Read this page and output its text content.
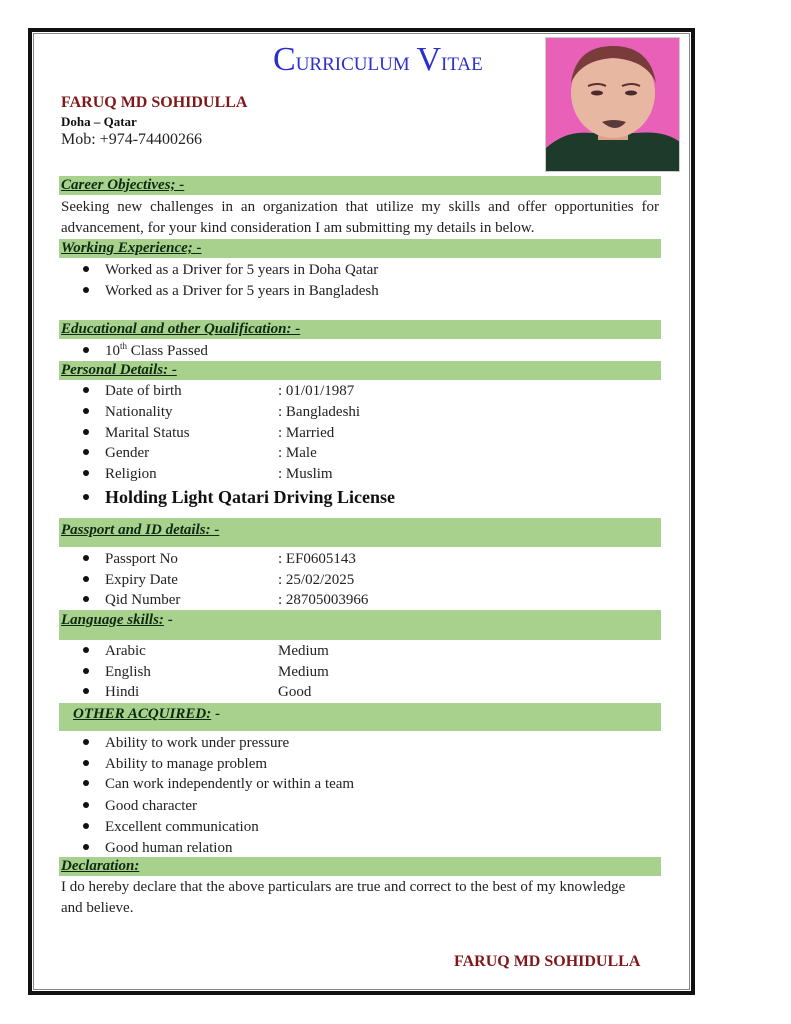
Curriculum Vitae
FARUQ MD SOHIDULLA
Doha – Qatar
Mob: +974-74400266
Career Objectives; -
Seeking new challenges in an organization that utilize my skills and offer opportunities for advancement, for your kind consideration I am submitting my details in below.
Working Experience; -
Worked as a Driver for 5 years in Doha Qatar
Worked as a Driver for 5 years in Bangladesh
Educational and other Qualification: -
10th Class Passed
Personal Details: -
Date of birth	: 01/01/1987
Nationality	: Bangladeshi
Marital Status	: Married
Gender	: Male
Religion	: Muslim
Holding Light Qatari Driving License
Passport and ID details: -
Passport No	: EF0605143
Expiry Date	: 25/02/2025
Qid Number	: 28705003966
Language skills: -
Arabic	Medium
English	Medium
Hindi	Good
OTHER ACQUIRED: -
Ability to work under pressure
Ability to manage problem
Can work independently or within a team
Good character
Excellent communication
Good human relation
Declaration:
I do hereby declare that the above particulars are true and correct to the best of my knowledge and believe.
FARUQ MD SOHIDULLA
